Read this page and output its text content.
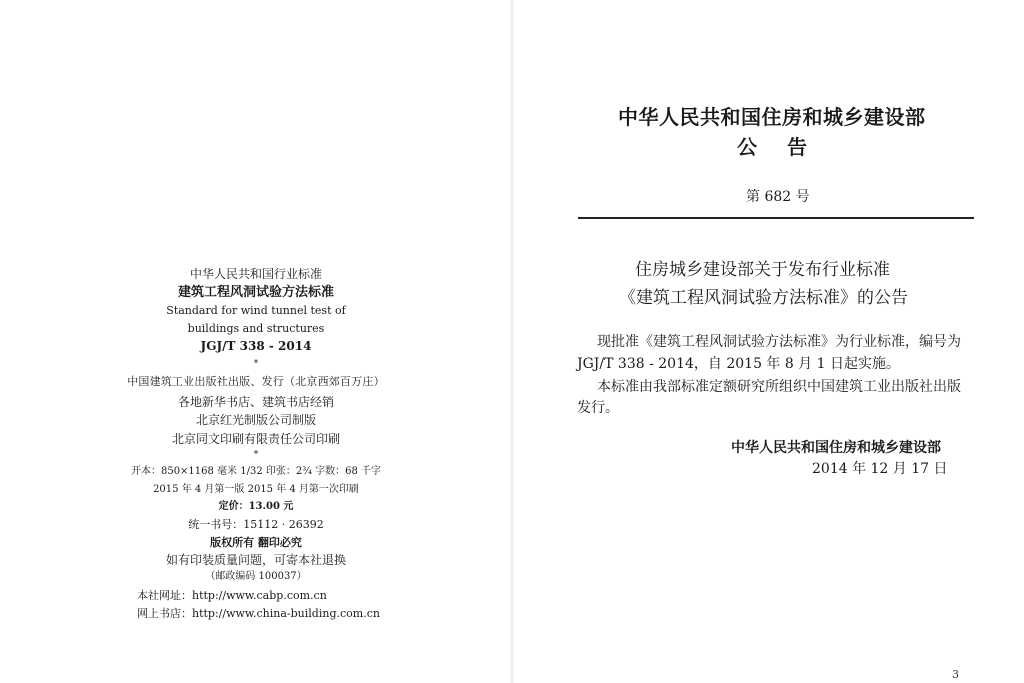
中华人民共和国行业标准
建筑工程风洞试验方法标准
Standard for wind tunnel test of
buildings and structures
JGJ/T 338 - 2014
*
中国建筑工业出版社出版、发行（北京西郊百万庄）
各地新华书店、建筑书店经销
北京红光制版公司制版
北京同文印刷有限责任公司印刷
*
开本：850×1168 毫米 1/32 印张：2¾ 字数：68 千字
2015 年 4 月第一版 2015 年 4 月第一次印刷
定价：13.00 元
统一书号：15112 · 26392
版权所有 翻印必究
如有印装质量问题，可寄本社退换
（邮政编码 100037）
本社网址：http://www.cabp.com.cn
网上书店：http://www.china-building.com.cn
中华人民共和国住房和城乡建设部
公告
第 682 号
住房城乡建设部关于发布行业标准
《建筑工程风洞试验方法标准》的公告
现批准《建筑工程风洞试验方法标准》为行业标准，编号为
JGJ/T 338 - 2014，自 2015 年 8 月 1 日起实施。
本标准由我部标准定额研究所组织中国建筑工业出版社出版
发行。
中华人民共和国住房和城乡建设部
2014 年 12 月 17 日
3
